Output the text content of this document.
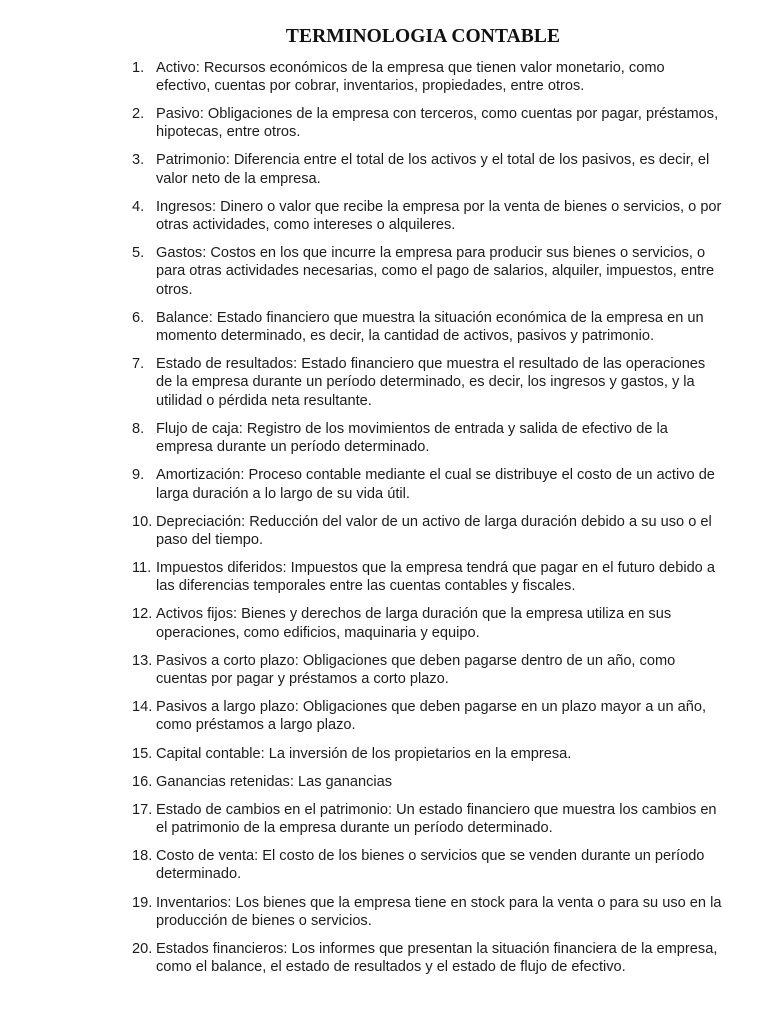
TERMINOLOGIA CONTABLE
1. Activo: Recursos económicos de la empresa que tienen valor monetario, como efectivo, cuentas por cobrar, inventarios, propiedades, entre otros.
2. Pasivo: Obligaciones de la empresa con terceros, como cuentas por pagar, préstamos, hipotecas, entre otros.
3. Patrimonio: Diferencia entre el total de los activos y el total de los pasivos, es decir, el valor neto de la empresa.
4. Ingresos: Dinero o valor que recibe la empresa por la venta de bienes o servicios, o por otras actividades, como intereses o alquileres.
5. Gastos: Costos en los que incurre la empresa para producir sus bienes o servicios, o para otras actividades necesarias, como el pago de salarios, alquiler, impuestos, entre otros.
6. Balance: Estado financiero que muestra la situación económica de la empresa en un momento determinado, es decir, la cantidad de activos, pasivos y patrimonio.
7. Estado de resultados: Estado financiero que muestra el resultado de las operaciones de la empresa durante un período determinado, es decir, los ingresos y gastos, y la utilidad o pérdida neta resultante.
8. Flujo de caja: Registro de los movimientos de entrada y salida de efectivo de la empresa durante un período determinado.
9. Amortización: Proceso contable mediante el cual se distribuye el costo de un activo de larga duración a lo largo de su vida útil.
10. Depreciación: Reducción del valor de un activo de larga duración debido a su uso o el paso del tiempo.
11. Impuestos diferidos: Impuestos que la empresa tendrá que pagar en el futuro debido a las diferencias temporales entre las cuentas contables y fiscales.
12. Activos fijos: Bienes y derechos de larga duración que la empresa utiliza en sus operaciones, como edificios, maquinaria y equipo.
13. Pasivos a corto plazo: Obligaciones que deben pagarse dentro de un año, como cuentas por pagar y préstamos a corto plazo.
14. Pasivos a largo plazo: Obligaciones que deben pagarse en un plazo mayor a un año, como préstamos a largo plazo.
15. Capital contable: La inversión de los propietarios en la empresa.
16. Ganancias retenidas: Las ganancias
17. Estado de cambios en el patrimonio: Un estado financiero que muestra los cambios en el patrimonio de la empresa durante un período determinado.
18. Costo de venta: El costo de los bienes o servicios que se venden durante un período determinado.
19. Inventarios: Los bienes que la empresa tiene en stock para la venta o para su uso en la producción de bienes o servicios.
20. Estados financieros: Los informes que presentan la situación financiera de la empresa, como el balance, el estado de resultados y el estado de flujo de efectivo.
